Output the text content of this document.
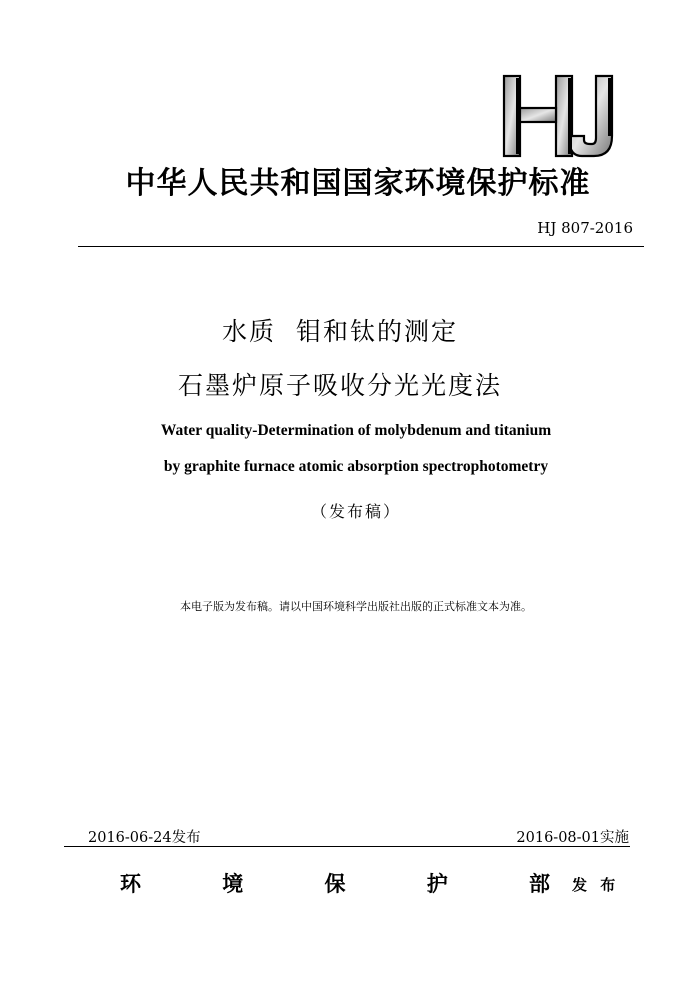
中华人民共和国国家环境保护标准
HJ 807-2016
水质  钼和钛的测定
石墨炉原子吸收分光光度法
Water quality-Determination of molybdenum and titanium
by graphite furnace atomic absorption spectrophotometry
（发布稿）
本电子版为发布稿。请以中国环境科学出版社出版的正式标准文本为准。
2016-06-24发布	2016-08-01实施
环	境	保	护	部 发 布
